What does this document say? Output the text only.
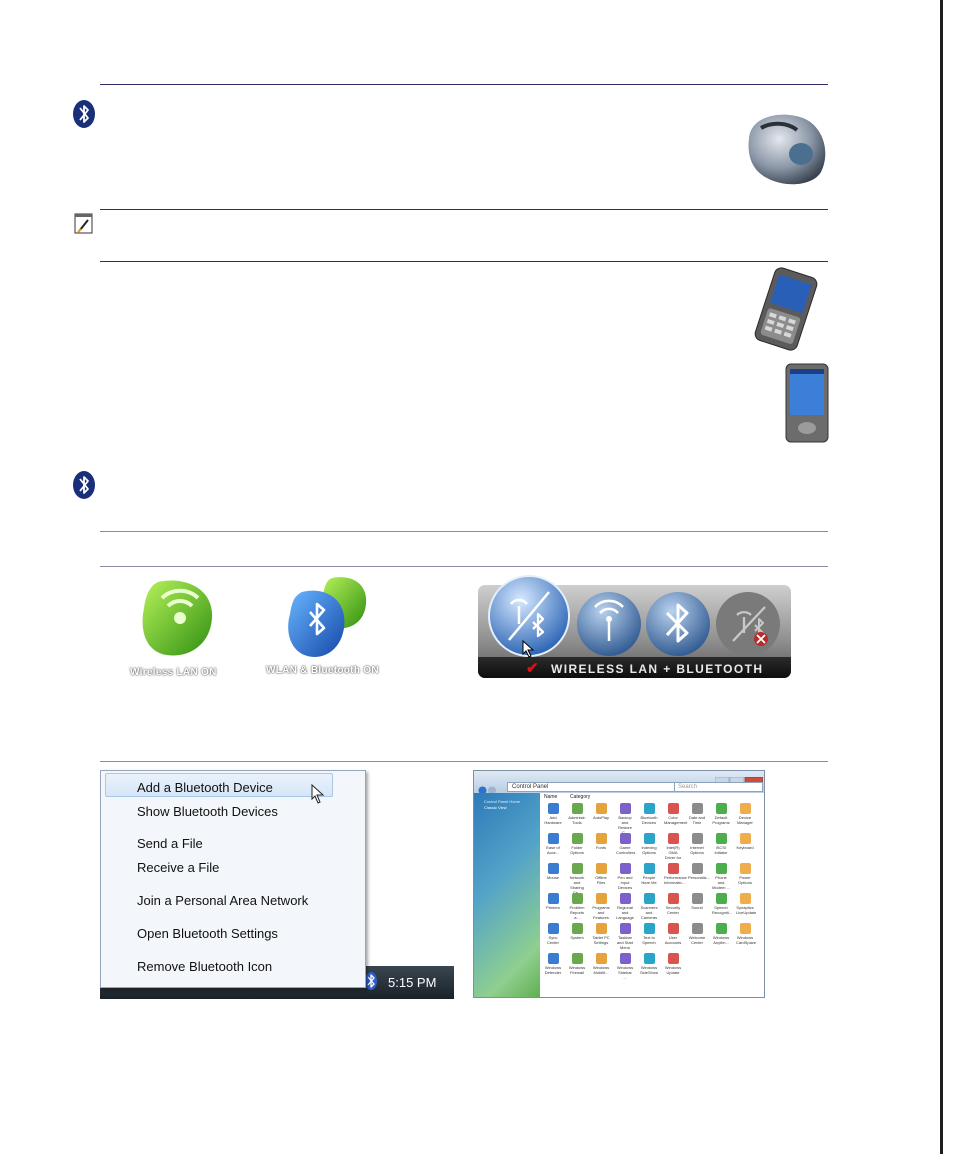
Wireless LAN ON	WLAN & Bluetooth ON	✔ WIRELESS LAN + BLUETOOTH
5:15 PM
Add a Bluetooth Device
Show Bluetooth Devices
Send a File
Receive a File
Join a Personal Area Network
Open Bluetooth Settings
Remove Bluetooth Icon
Control Panel	Search
Control Panel Home
Classic View
Name	Category
Add Hardware
Administr. Tools
AutoPlay	Backup and Restore
Bluetooth Devices
Color Management
Date and Time
Default Programs
Device Manager
Ease of Acce...
Folder Options
Fonts	Game Controllers
Indexing Options
Intel(R) GMA Driver for
Internet Options
iSCSI Initiator
Keyboard
Mouse	Network and Sharing
Offline Files
Pen and Input Devices
People Near Me
Performance Informatio...
Personaliz...	Phone and Modem ...
Power Options
Printers	Problem Reports a...
Programs and Features
Regional and Language
Scanners and Cameras
Security Center
Sound	Speech Recogniti...
Synaptics LiveUpdate
Sync Center
System	Tablet PC Settings
Taskbar and Start Menu
Text to Speech
User Accounts
Welcome Center
Windows Anytim...
Windows CardSpace
Windows Defender
Windows Firewall
Windows Mobilit...
Windows Sidebar ...
Windows SideShow
Windows Update
